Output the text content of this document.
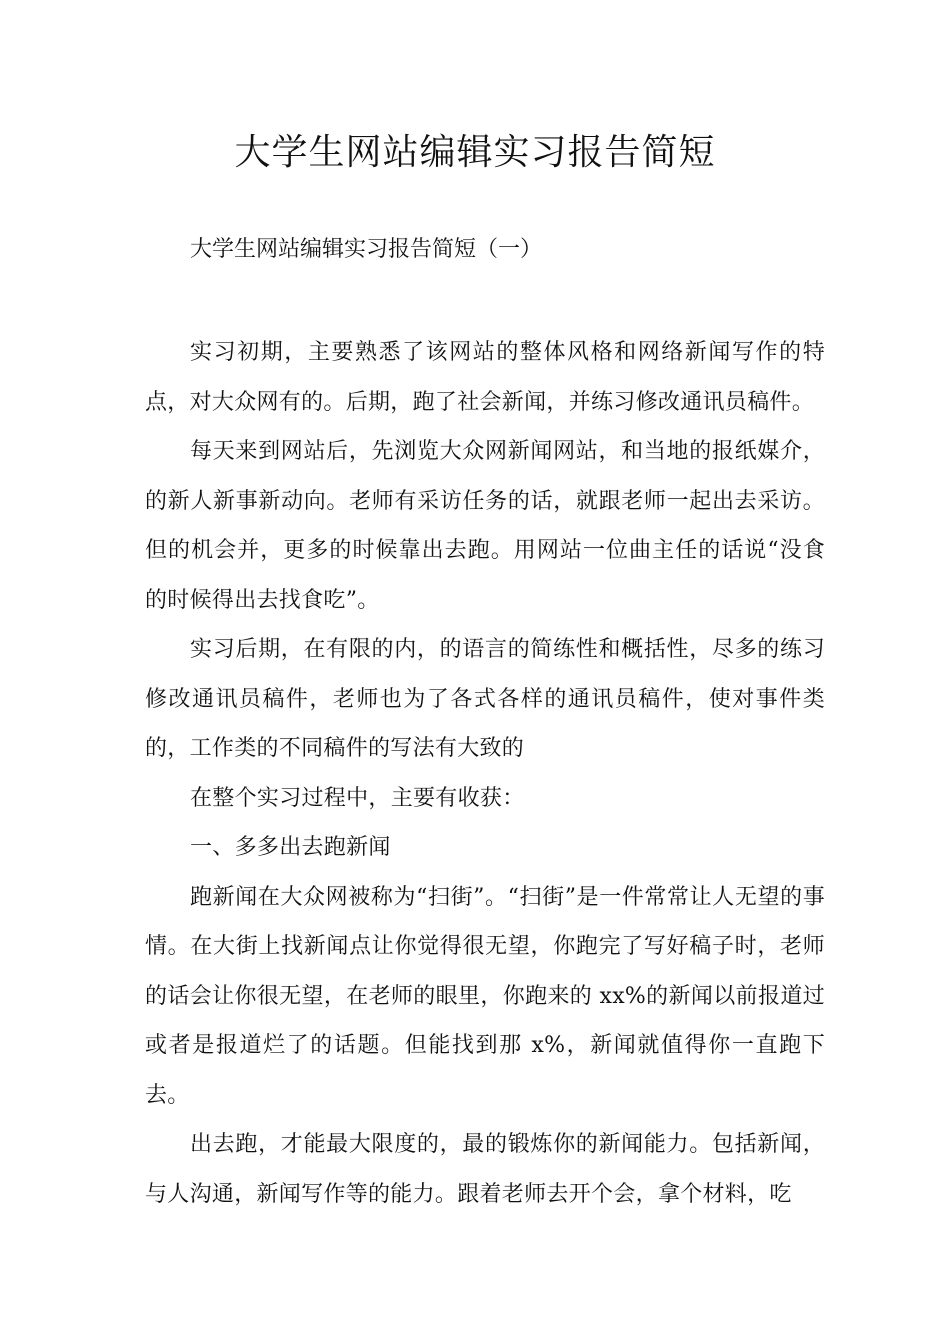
大学生网站编辑实习报告简短

大学生网站编辑实习报告简短（一）

实习初期，主要熟悉了该网站的整体风格和网络新闻写作的特点，对大众网有的。后期，跑了社会新闻，并练习修改通讯员稿件。

每天来到网站后，先浏览大众网新闻网站，和当地的报纸媒介，的新人新事新动向。老师有采访任务的话，就跟老师一起出去采访。但的机会并，更多的时候靠出去跑。用网站一位曲主任的话说“没食的时候得出去找食吃”。

实习后期，在有限的内，的语言的简练性和概括性，尽多的练习修改通讯员稿件，老师也为了各式各样的通讯员稿件，使对事件类的，工作类的不同稿件的写法有大致的

在整个实习过程中，主要有收获：

一、多多出去跑新闻

跑新闻在大众网被称为“扫街”。“扫街”是一件常常让人无望的事情。在大街上找新闻点让你觉得很无望，你跑完了写好稿子时，老师的话会让你很无望，在老师的眼里，你跑来的 xx%的新闻以前报道过或者是报道烂了的话题。但能找到那 x%，新闻就值得你一直跑下去。

出去跑，才能最大限度的，最的锻炼你的新闻能力。包括新闻，与人沟通，新闻写作等的能力。跟着老师去开个会，拿个材料，吃
